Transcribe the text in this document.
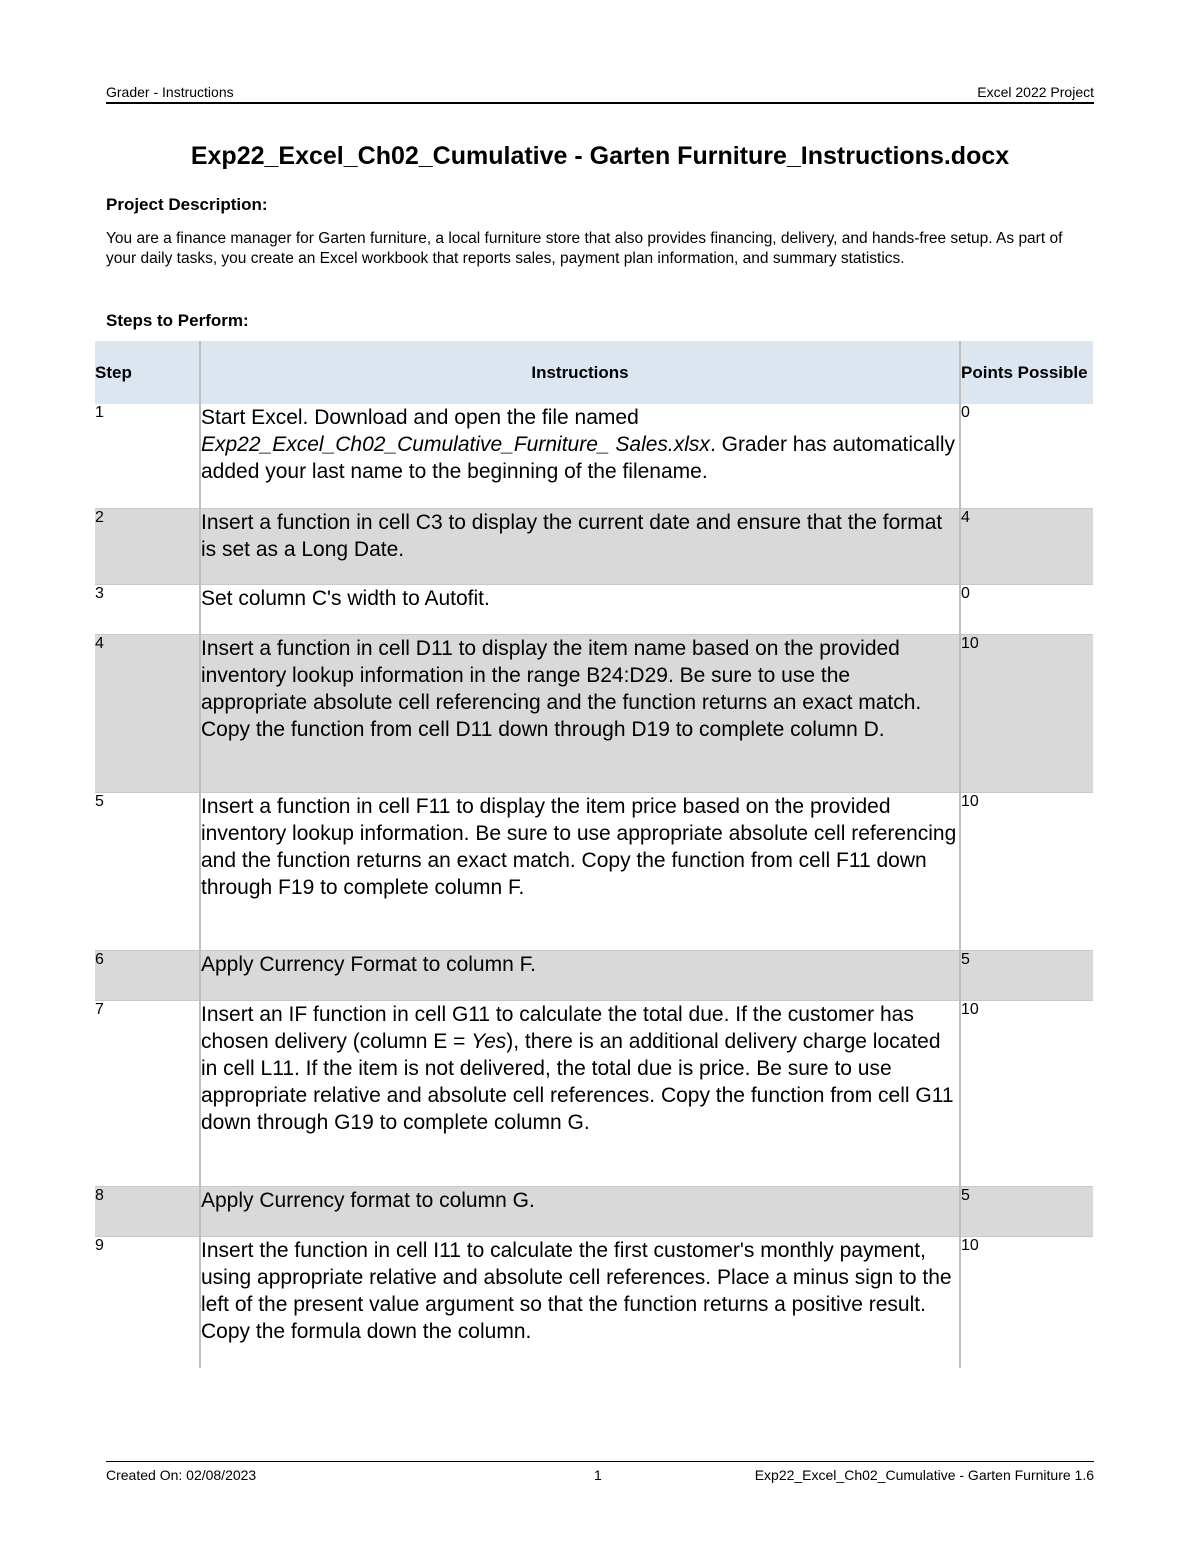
Grader - Instructions	Excel 2022 Project
Exp22_Excel_Ch02_Cumulative - Garten Furniture_Instructions.docx
Project Description:
You are a finance manager for Garten furniture, a local furniture store that also provides financing, delivery, and hands-free setup. As part of your daily tasks, you create an Excel workbook that reports sales, payment plan information, and summary statistics.
Steps to Perform:
Step	Instructions	Points Possible
1	Start Excel. Download and open the file named Exp22_Excel_Ch02_Cumulative_Furniture_ Sales.xlsx. Grader has automatically added your last name to the beginning of the filename.	0
2	Insert a function in cell C3 to display the current date and ensure that the format is set as a Long Date.	4
3	Set column C's width to Autofit.	0
4	Insert a function in cell D11 to display the item name based on the provided inventory lookup information in the range B24:D29. Be sure to use the appropriate absolute cell referencing and the function returns an exact match. Copy the function from cell D11 down through D19 to complete column D.	10
5	Insert a function in cell F11 to display the item price based on the provided inventory lookup information. Be sure to use appropriate absolute cell referencing and the function returns an exact match. Copy the function from cell F11 down through F19 to complete column F.	10
6	Apply Currency Format to column F.	5
7	Insert an IF function in cell G11 to calculate the total due. If the customer has chosen delivery (column E = Yes), there is an additional delivery charge located in cell L11. If the item is not delivered, the total due is price. Be sure to use appropriate relative and absolute cell references. Copy the function from cell G11 down through G19 to complete column G.	10
8	Apply Currency format to column G.	5
9	Insert the function in cell I11 to calculate the first customer's monthly payment, using appropriate relative and absolute cell references. Place a minus sign to the left of the present value argument so that the function returns a positive result. Copy the formula down the column.	10
Created On: 02/08/2023	1	Exp22_Excel_Ch02_Cumulative - Garten Furniture 1.6
